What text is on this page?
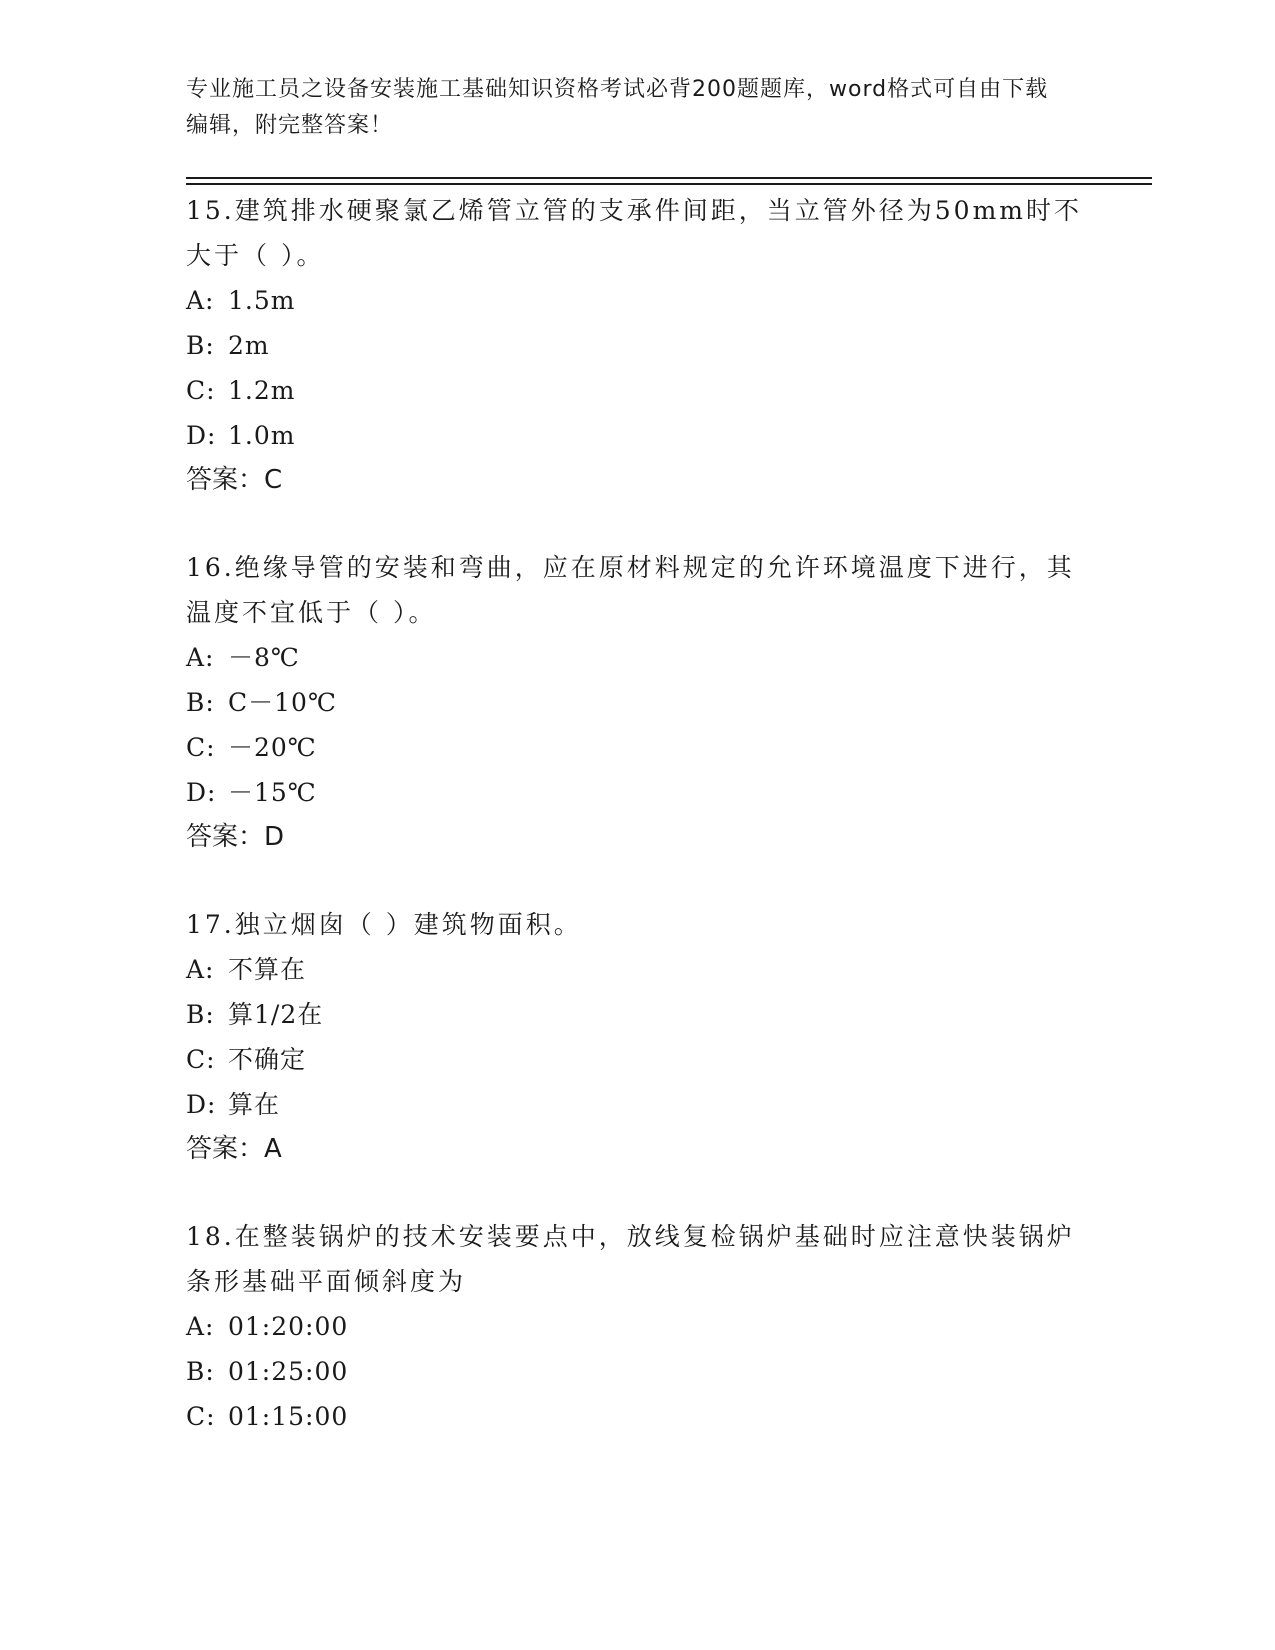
专业施工员之设备安装施工基础知识资格考试必背200题题库，word格式可自由下载编辑，附完整答案！

15.建筑排水硬聚氯乙烯管立管的支承件间距，当立管外径为50mm时不大于（ ）。

A: 1.5m

B: 2m

C: 1.2m

D: 1.0m

答案：C

16.绝缘导管的安装和弯曲，应在原材料规定的允许环境温度下进行，其温度不宜低于（ ）。

A: －8℃

B: C－10℃

C: －20℃

D: －15℃

答案：D

17.独立烟囱（ ）建筑物面积。

A: 不算在

B: 算1/2在

C: 不确定

D: 算在

答案：A

18.在整装锅炉的技术安装要点中，放线复检锅炉基础时应注意快装锅炉条形基础平面倾斜度为

A: 01:20:00

B: 01:25:00

C: 01:15:00
